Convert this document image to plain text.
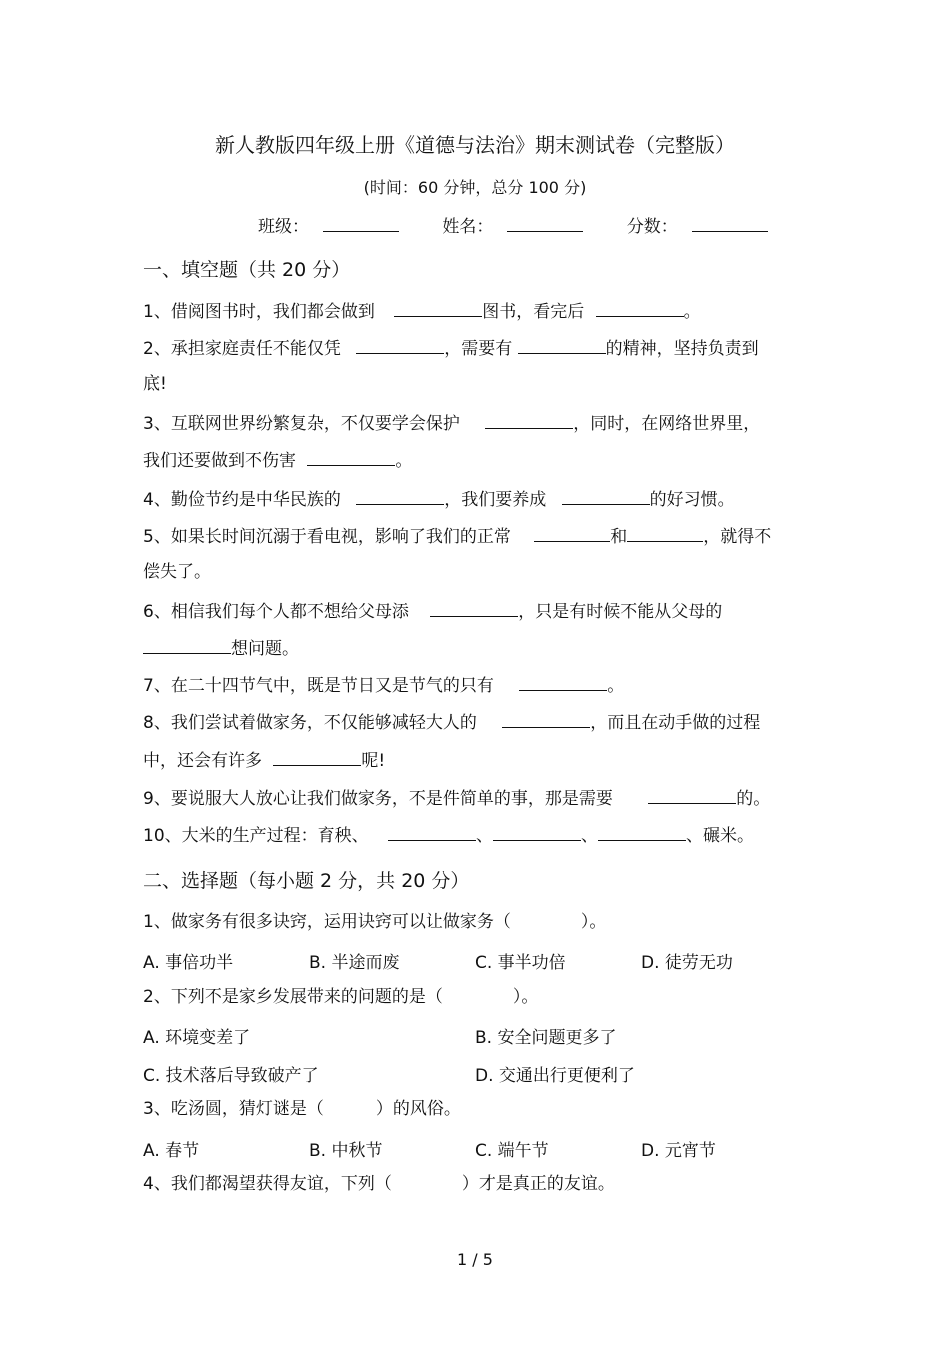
新人教版四年级上册《道德与法治》期末测试卷（完整版）
(时间：60 分钟，总分 100 分)
班级：	姓名：	分数：
一、填空题（共 20 分）
1、借阅图书时，我们都会做到	图书，看完后	。
2、承担家庭责任不能仅凭	，需要有	的精神，坚持负责到
底!
3、互联网世界纷繁复杂，不仅要学会保护	，同时，在网络世界里，
我们还要做到不伤害	。
4、勤俭节约是中华民族的	，我们要养成	的好习惯。
5、如果长时间沉溺于看电视，影响了我们的正常	和	，就得不
偿失了。
6、相信我们每个人都不想给父母添	，只是有时候不能从父母的
想问题。
7、在二十四节气中，既是节日又是节气的只有	。
8、我们尝试着做家务，不仅能够减轻大人的	，而且在动手做的过程
中，还会有许多	呢!
9、要说服大人放心让我们做家务，不是件简单的事，那是需要	的。
10、大米的生产过程：育秧、	、	、	、碾米。
二、选择题（每小题 2 分，共 20 分）
1、做家务有很多诀窍，运用诀窍可以让做家务（	）。
A. 事倍功半	B. 半途而废	C. 事半功倍	D. 徒劳无功
2、下列不是家乡发展带来的问题的是（	）。
A. 环境变差了	B. 安全问题更多了
C. 技术落后导致破产了	D. 交通出行更便利了
3、吃汤圆，猜灯谜是（	）的风俗。
A. 春节	B. 中秋节	C. 端午节	D. 元宵节
4、我们都渴望获得友谊，下列（	）才是真正的友谊。
1 / 5
